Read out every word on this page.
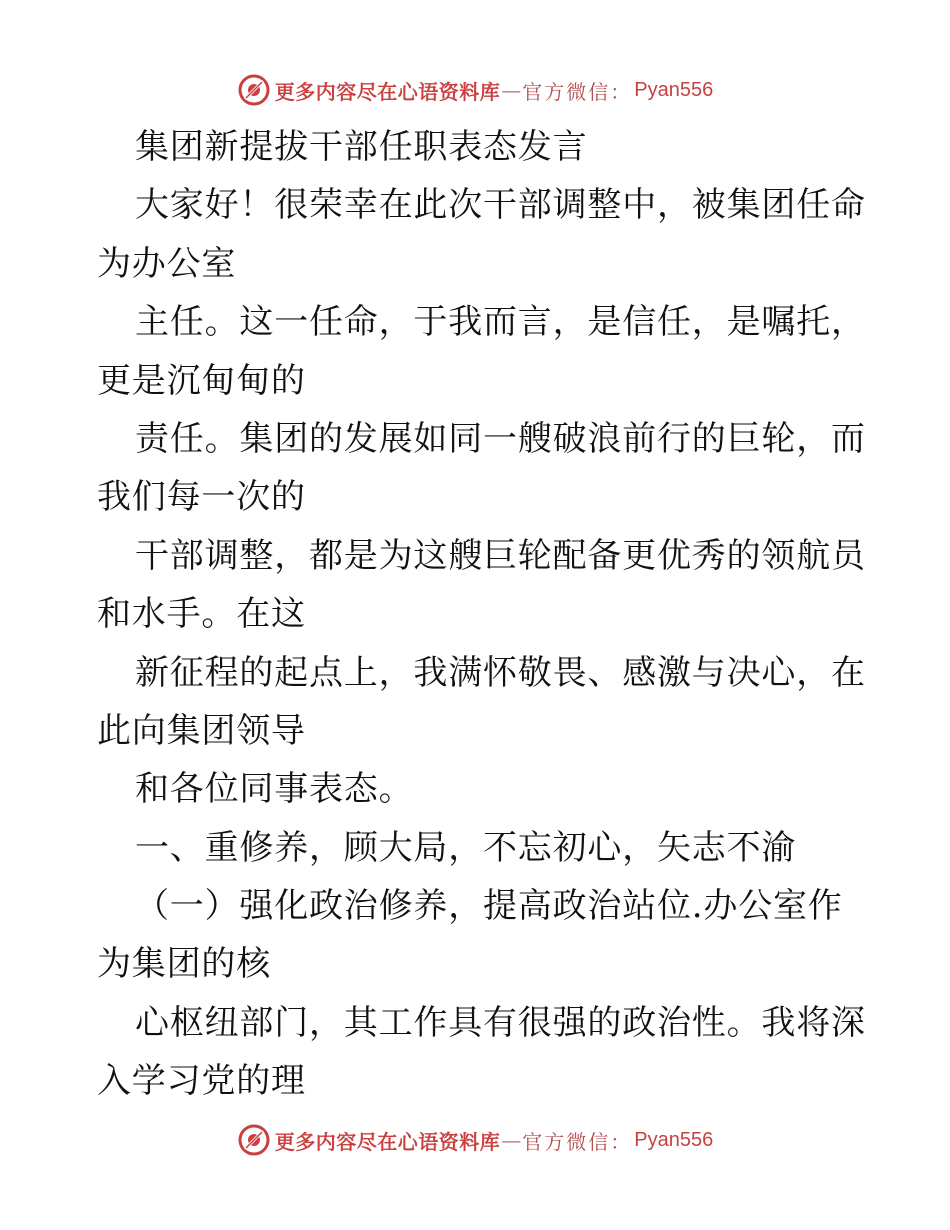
更多内容尽在心语资料库 — 官方微信： Pyan556
集团新提拔干部任职表态发言
大家好！很荣幸在此次干部调整中，被集团任命
为办公室
主任。这一任命，于我而言，是信任，是嘱托，
更是沉甸甸的
责任。集团的发展如同一艘破浪前行的巨轮，而
我们每一次的
干部调整，都是为这艘巨轮配备更优秀的领航员
和水手。在这
新征程的起点上，我满怀敬畏、感激与决心，在
此向集团领导
和各位同事表态。
一、重修养，顾大局，不忘初心，矢志不渝
（一）强化政治修养，提高政治站位.办公室作
为集团的核
心枢纽部门，其工作具有很强的政治性。我将深
入学习党的理
更多内容尽在心语资料库 — 官方微信： Pyan556
